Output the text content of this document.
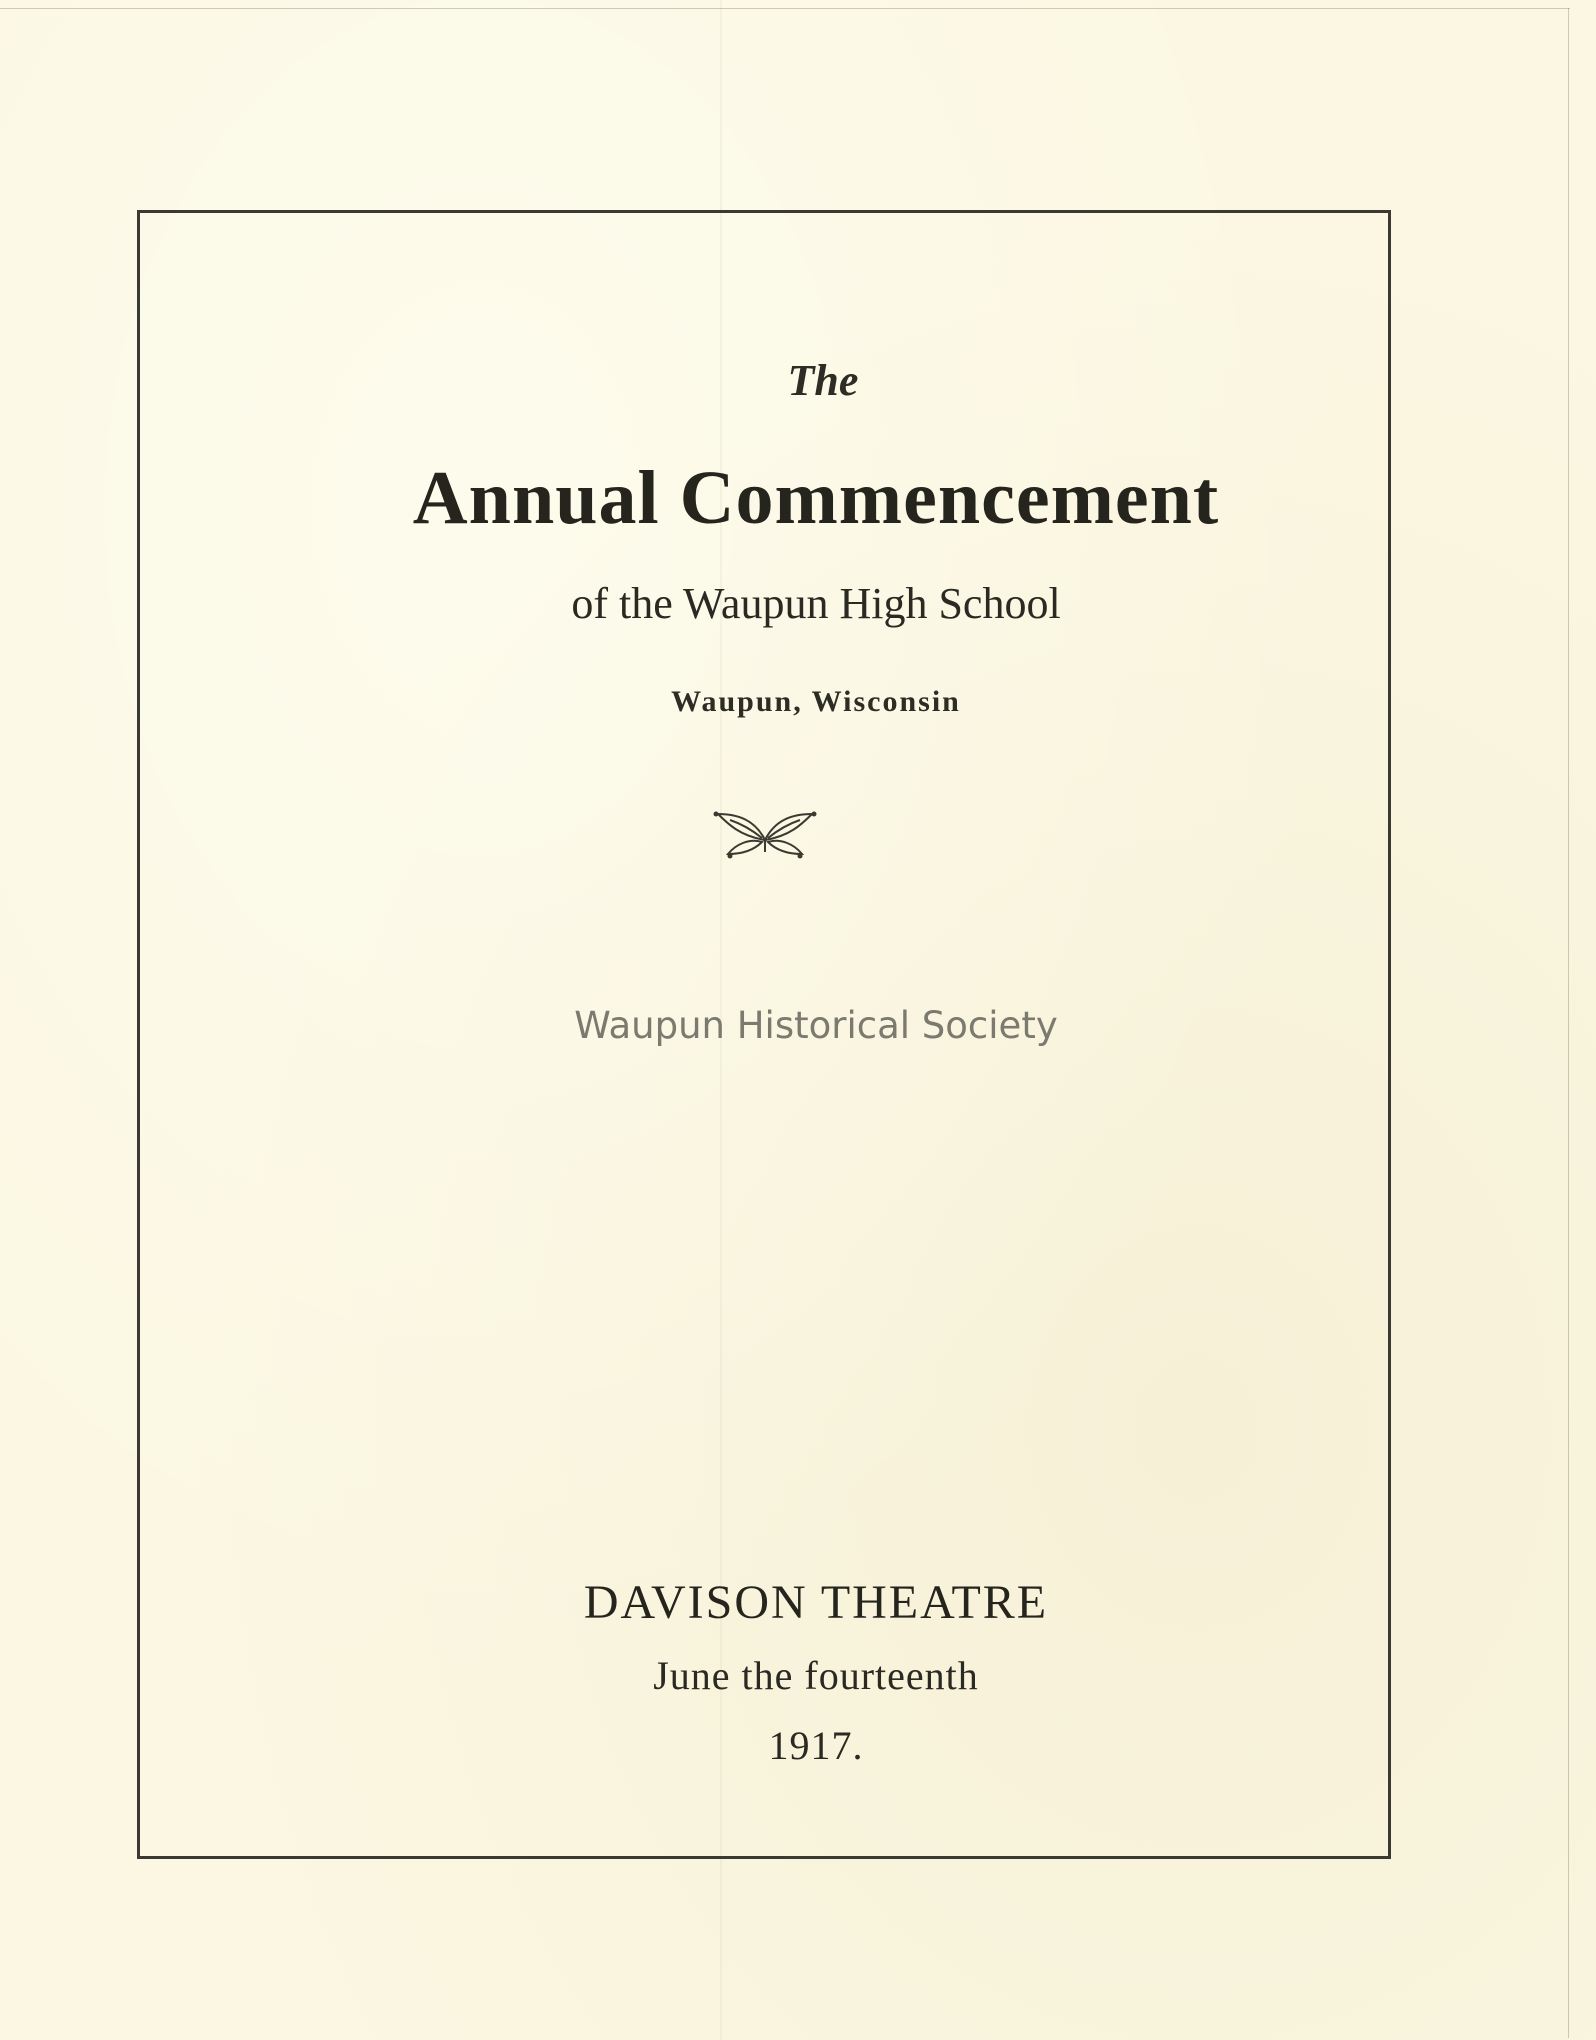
The
Annual Commencement
of the Waupun High School
Waupun, Wisconsin
Waupun Historical Society
DAVISON THEATRE
June the fourteenth
1917.
